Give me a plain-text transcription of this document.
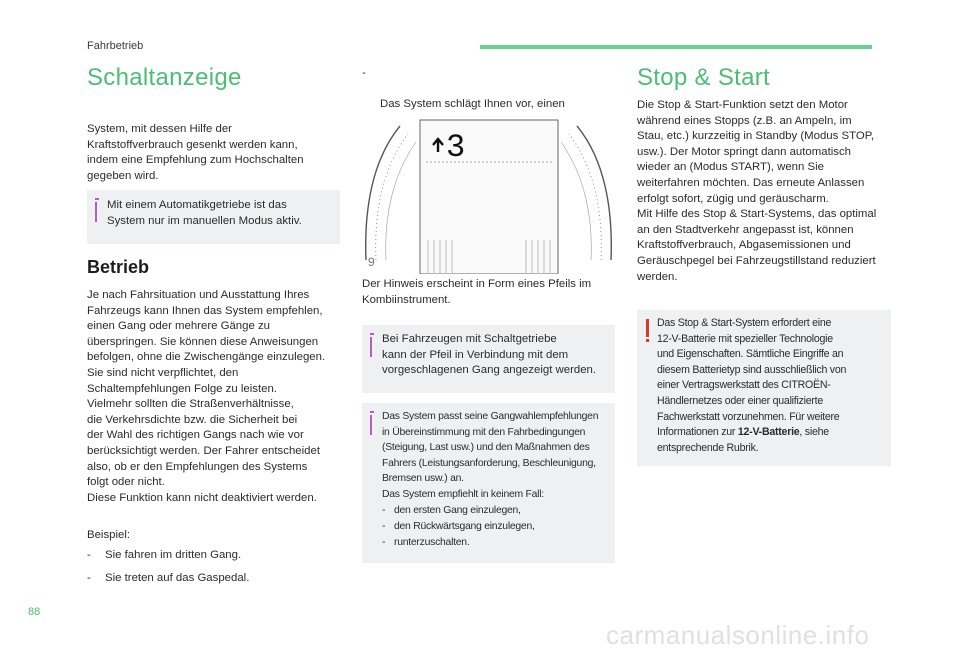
Fahrbetrieb
Schaltanzeige
System, mit dessen Hilfe der
Kraftstoffverbrauch gesenkt werden kann,
indem eine Empfehlung zum Hochschalten
gegeben wird.
Mit einem Automatikgetriebe ist das
System nur im manuellen Modus aktiv.
Betrieb
Je nach Fahrsituation und Ausstattung Ihres
Fahrzeugs kann Ihnen das System empfehlen,
einen Gang oder mehrere Gänge zu
überspringen. Sie können diese Anweisungen
befolgen, ohne die Zwischengänge einzulegen.
Sie sind nicht verpflichtet, den
Schaltempfehlungen Folge zu leisten.
Vielmehr sollten die Straßenverhältnisse,
die Verkehrsdichte bzw. die Sicherheit bei
der Wahl des richtigen Gangs nach wie vor
berücksichtigt werden. Der Fahrer entscheidet
also, ob er den Empfehlungen des Systems
folgt oder nicht.
Diese Funktion kann nicht deaktiviert werden.
Beispiel:
- Sie fahren im dritten Gang.
- Sie treten auf das Gaspedal.

-

Das System schlägt Ihnen vor, einen

9
3
Der Hinweis erscheint in Form eines Pfeils im
Kombiinstrument.
Bei Fahrzeugen mit Schaltgetriebe
kann der Pfeil in Verbindung mit dem
vorgeschlagenen Gang angezeigt werden.
Das System passt seine Gangwahlempfehlungen
in Übereinstimmung mit den Fahrbedingungen
(Steigung, Last usw.) und den Maßnahmen des
Fahrers (Leistungsanforderung, Beschleunigung,
Bremsen usw.) an.
Das System empfiehlt in keinem Fall:
- den ersten Gang einzulegen,
- den Rückwärtsgang einzulegen,
- runterzuschalten.
Stop & Start
Die Stop & Start-Funktion setzt den Motor
während eines Stopps (z.B. an Ampeln, im
Stau, etc.) kurzzeitig in Standby (Modus STOP,
usw.). Der Motor springt dann automatisch
wieder an (Modus START), wenn Sie
weiterfahren möchten. Das erneute Anlassen
erfolgt sofort, zügig und geräuscharm.
Mit Hilfe des Stop & Start-Systems, das optimal
an den Stadtverkehr angepasst ist, können
Kraftstoffverbrauch, Abgasemissionen und
Geräuschpegel bei Fahrzeugstillstand reduziert
werden.
Das Stop & Start-System erfordert eine
12-V-Batterie mit spezieller Technologie
und Eigenschaften. Sämtliche Eingriffe an
diesem Batterietyp sind ausschließlich von
einer Vertragswerkstatt des CITROËN-
Händlernetzes oder einer qualifizierte
Fachwerkstatt vorzunehmen. Für weitere
Informationen zur 12-V-Batterie, siehe
entsprechende Rubrik.
88
carmanualsonline.info
